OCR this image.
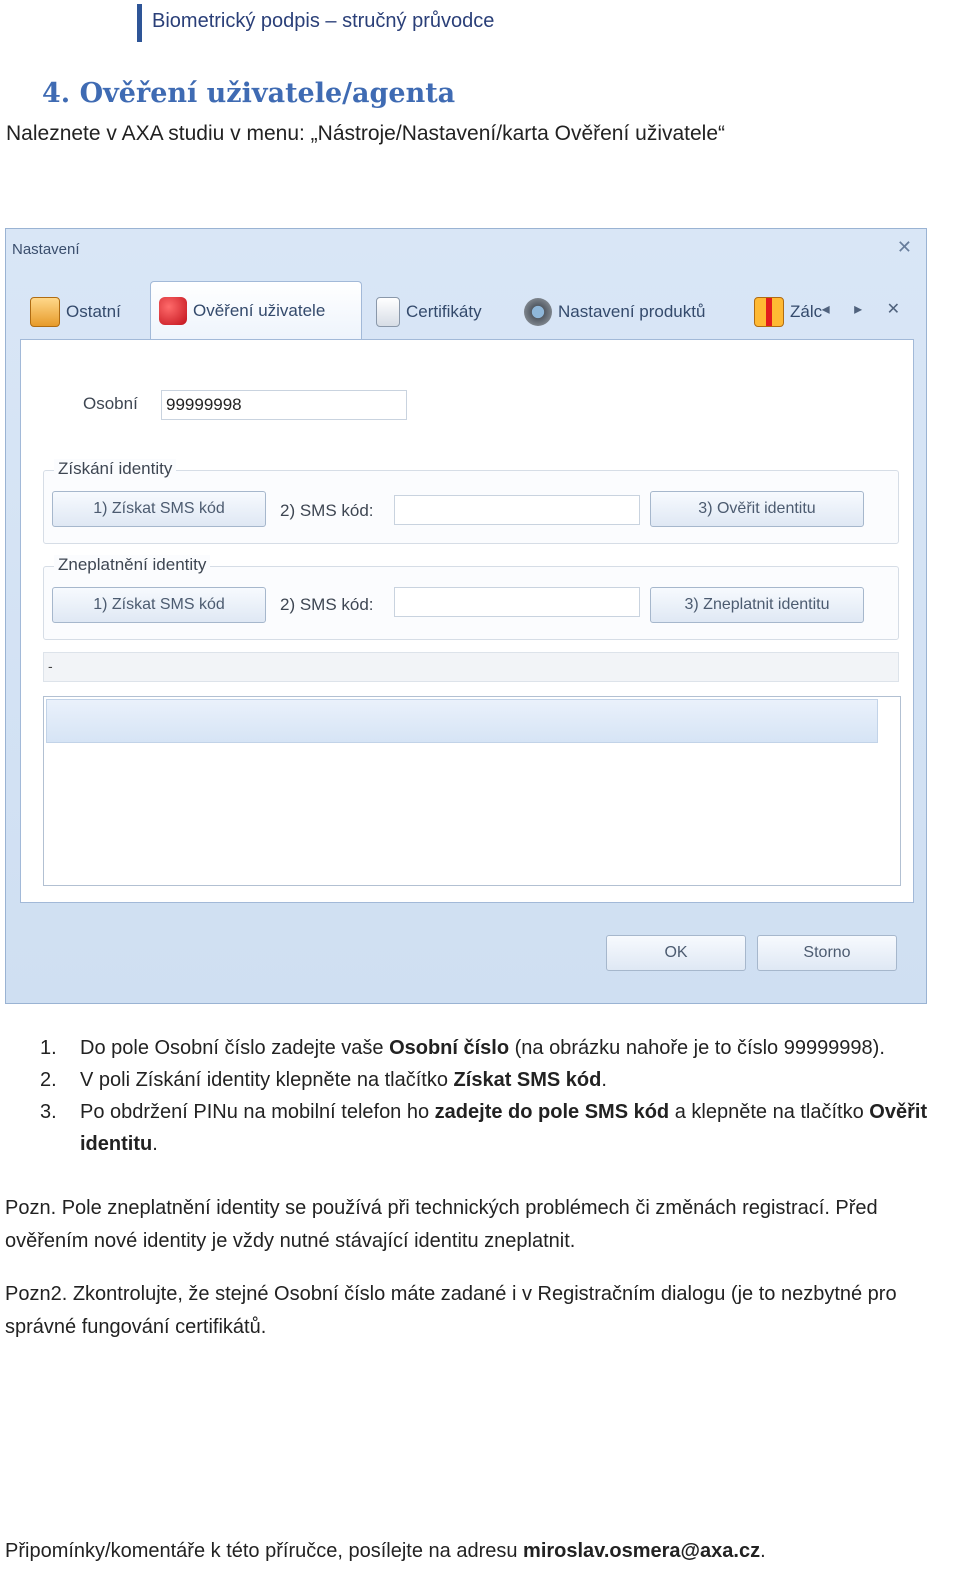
Biometrický podpis – stručný průvodce
4. Ověření uživatele/agenta
Naleznete v AXA studiu v menu: „Nástroje/Nastavení/karta Ověření uživatele“
Nastavení	✕
Ostatní	Ověření uživatele	Certifikáty	Nastavení produktů	Zálc ◂ ▸ ✕
Osobní 99999998
Získání identity
1) Získat SMS kód	2) SMS kód:	3) Ověřit identitu
Zneplatnění identity
1) Získat SMS kód	2) SMS kód:	3) Zneplatnit identitu
-
OK	Storno
1.	Do pole Osobní číslo zadejte vaše Osobní číslo (na obrázku nahoře je to číslo 99999998).
2.	V poli Získání identity klepněte na tlačítko Získat SMS kód.
3.	Po obdržení PINu na mobilní telefon ho zadejte do pole SMS kód a klepněte na tlačítko Ověřit identitu.
Pozn. Pole zneplatnění identity se používá při technických problémech či změnách registrací. Před ověřením nové identity je vždy nutné stávající identitu zneplatnit.
Pozn2. Zkontrolujte, že stejné Osobní číslo máte zadané i v Registračním dialogu (je to nezbytné pro správné fungování certifikátů.
Připomínky/komentáře k této příručce, posílejte na adresu miroslav.osmera@axa.cz.
